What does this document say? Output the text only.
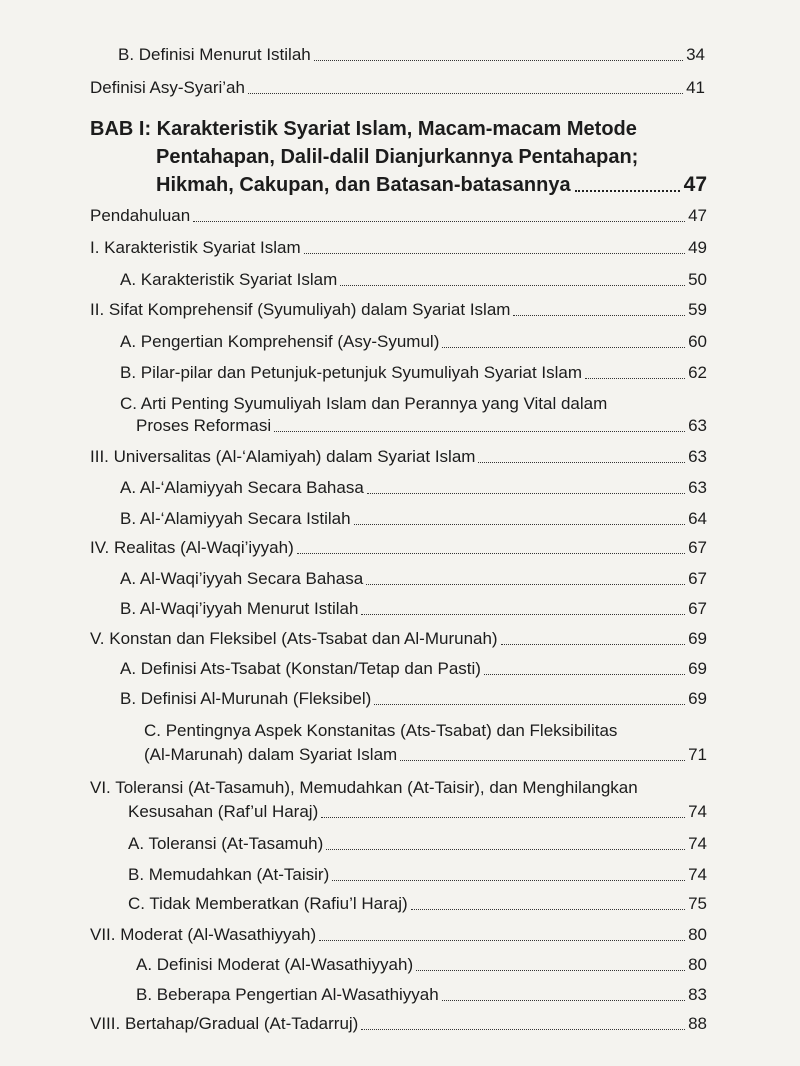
B. Definisi Menurut Istilah	34
Definisi Asy-Syari’ah	41
BAB I: Karakteristik Syariat Islam, Macam-macam Metode
Pentahapan, Dalil-dalil Dianjurkannya Pentahapan;
Hikmah, Cakupan, dan Batasan-batasannya	47
Pendahuluan	47
I. Karakteristik Syariat Islam	49
A. Karakteristik Syariat Islam	50
II. Sifat Komprehensif (Syumuliyah) dalam Syariat Islam	59
A. Pengertian Komprehensif (Asy-Syumul)	60
B. Pilar-pilar dan Petunjuk-petunjuk Syumuliyah Syariat Islam	62
C. Arti Penting Syumuliyah Islam dan Perannya yang Vital dalam
Proses Reformasi	63
III. Universalitas (Al-‘Alamiyah) dalam Syariat Islam	63
A. Al-‘Alamiyyah Secara Bahasa	63
B. Al-‘Alamiyyah Secara Istilah	64
IV. Realitas (Al-Waqi’iyyah)	67
A. Al-Waqi’iyyah Secara Bahasa	67
B. Al-Waqi’iyyah Menurut Istilah	67
V. Konstan dan Fleksibel (Ats-Tsabat dan Al-Murunah)	69
A. Definisi Ats-Tsabat (Konstan/Tetap dan Pasti)	69
B. Definisi Al-Murunah (Fleksibel)	69
C. Pentingnya Aspek Konstanitas (Ats-Tsabat) dan Fleksibilitas
(Al-Marunah) dalam Syariat Islam	71
VI. Toleransi (At-Tasamuh), Memudahkan (At-Taisir), dan Menghilangkan
Kesusahan (Raf’ul Haraj)	74
A. Toleransi (At-Tasamuh)	74
B. Memudahkan (At-Taisir)	74
C. Tidak Memberatkan (Rafiu’l Haraj)	75
VII. Moderat (Al-Wasathiyyah)	80
A. Definisi Moderat (Al-Wasathiyyah)	80
B. Beberapa Pengertian Al-Wasathiyyah	83
VIII. Bertahap/Gradual (At-Tadarruj)	88
